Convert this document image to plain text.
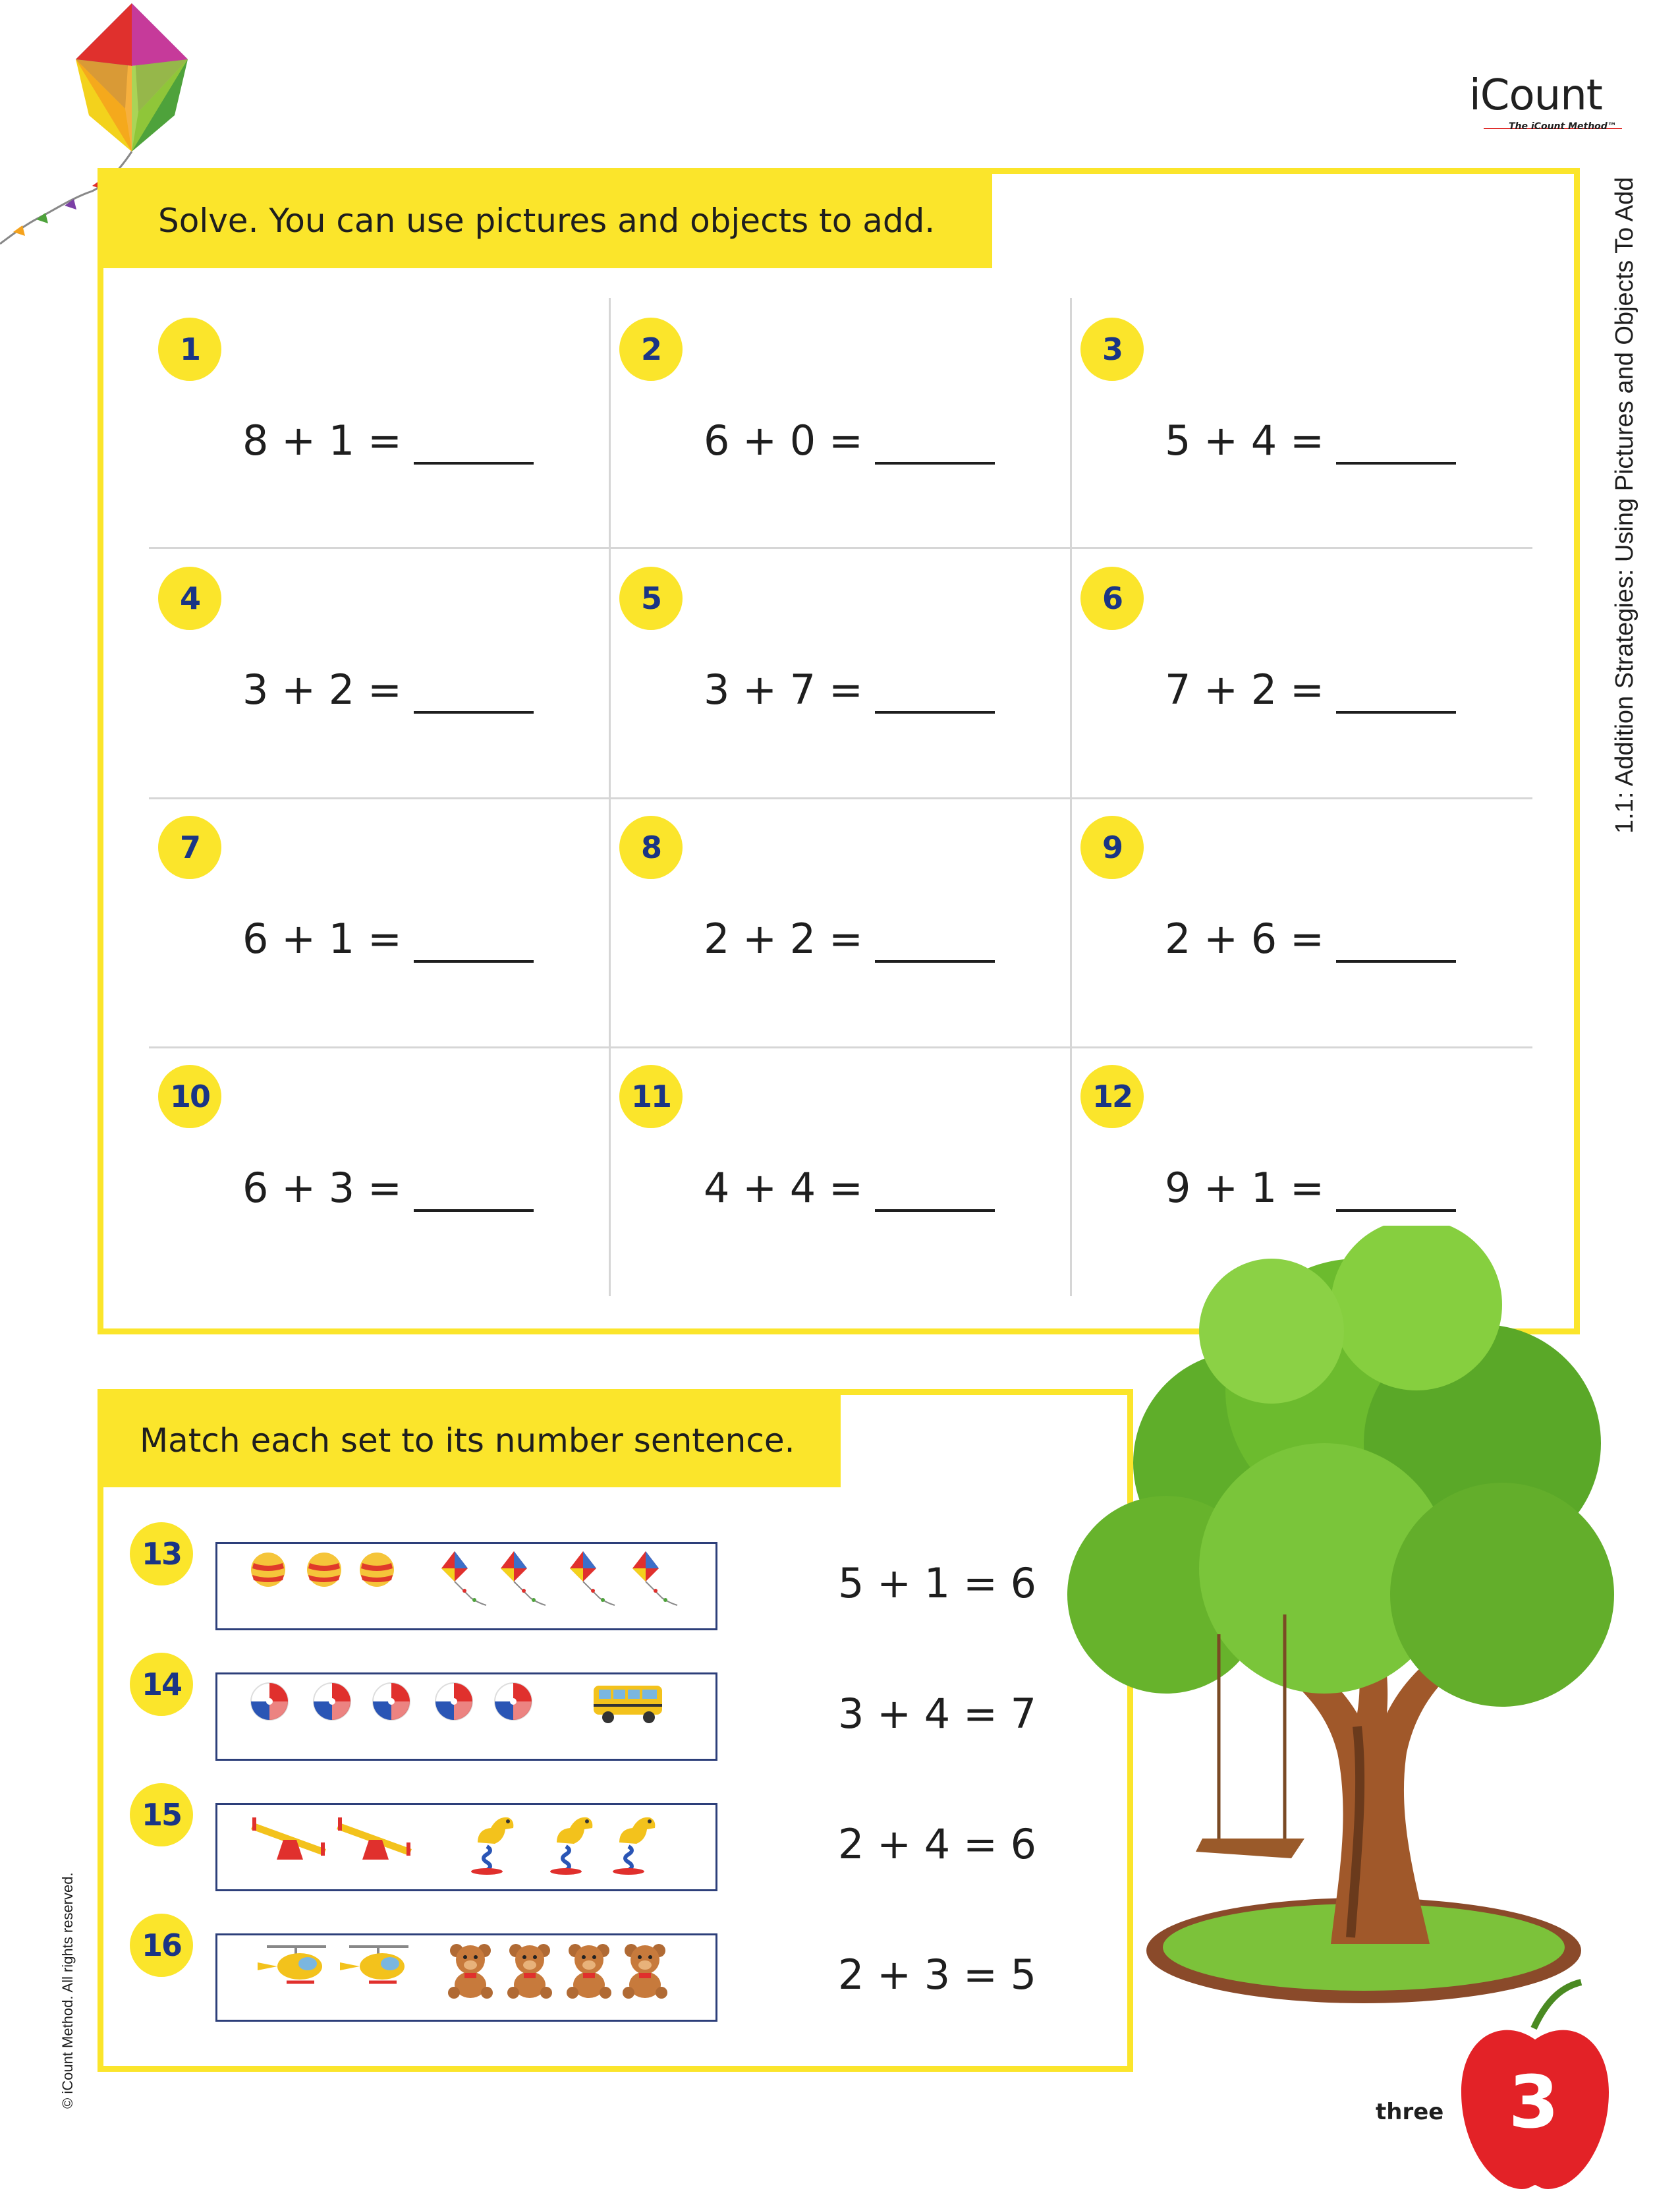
iCount
The iCount Method™
1.1: Addition Strategies: Using Pictures and Objects To Add
Solve. You can use pictures and objects to add.
1
8 + 1 =
2
6 + 0 =
3
5 + 4 =
4
3 + 2 =
5
3 + 7 =
6
7 + 2 =
7
6 + 1 =
8
2 + 2 =
9
2 + 6 =
10
6 + 3 =
11
4 + 4 =
12
9 + 1 =
Match each set to its number sentence.
13
5 + 1 = 6
14
3 + 4 = 7
15
2 + 4 = 6
16
2 + 3 = 5
© iCount Method. All rights reserved.
three 3
